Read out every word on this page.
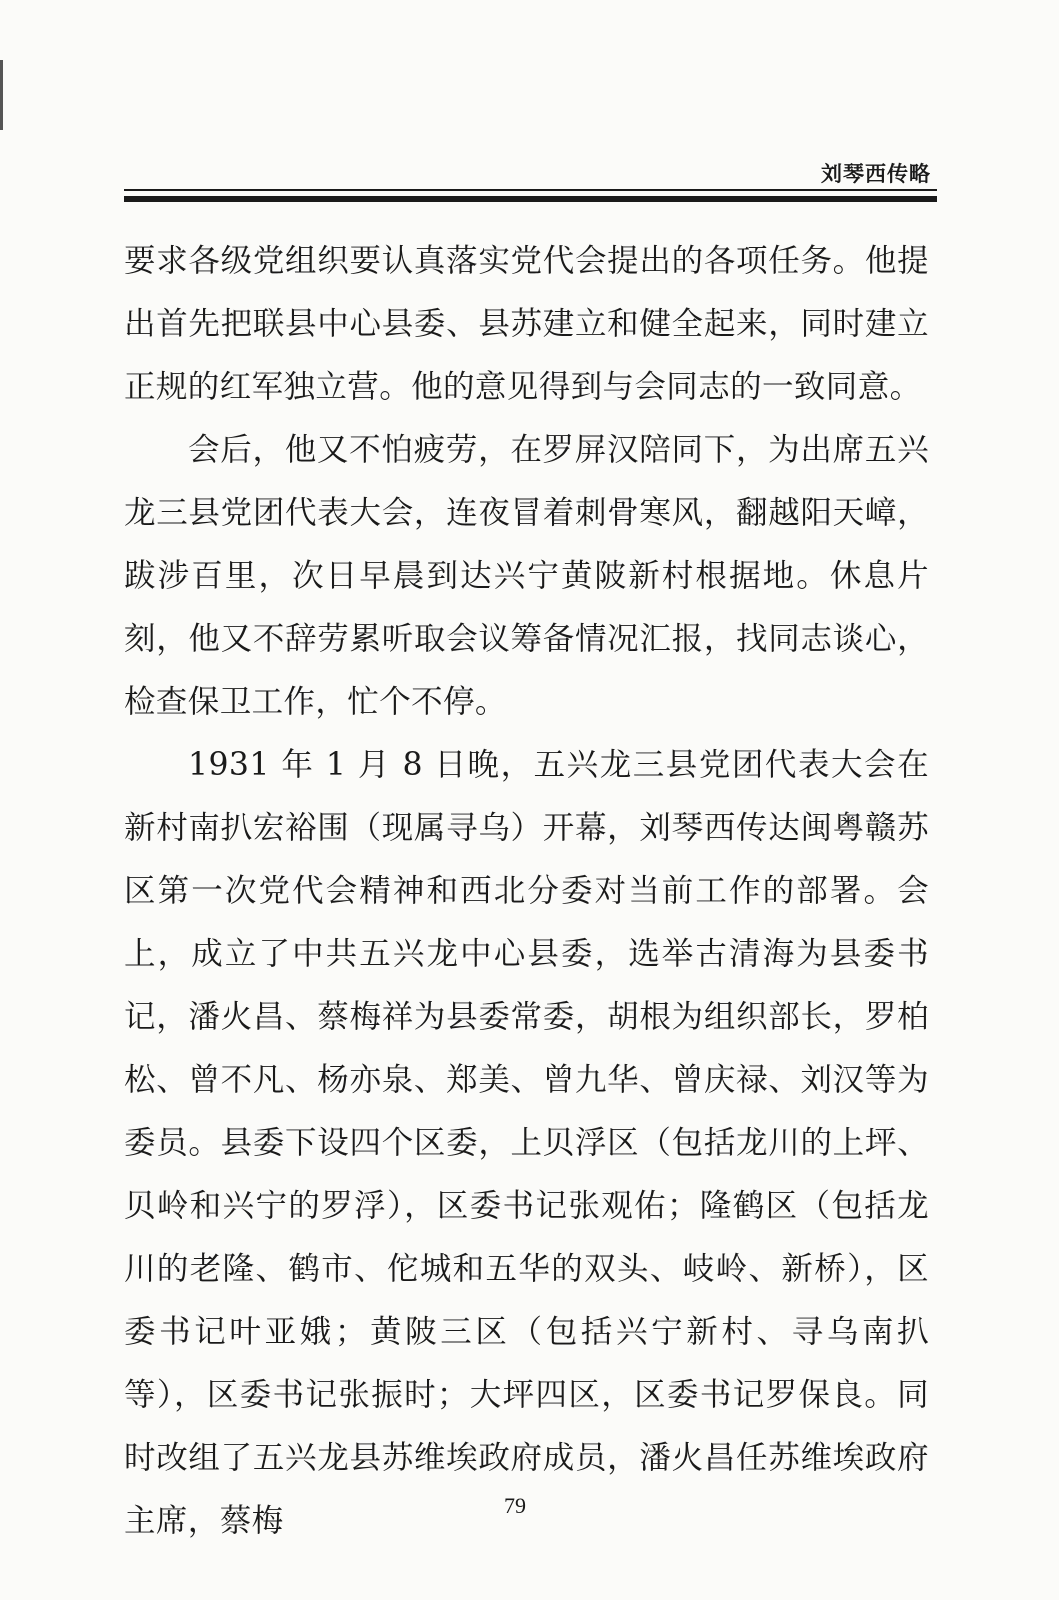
刘琴西传略

要求各级党组织要认真落实党代会提出的各项任务。他提出首先把联县中心县委、县苏建立和健全起来，同时建立正规的红军独立营。他的意见得到与会同志的一致同意。

会后，他又不怕疲劳，在罗屏汉陪同下，为出席五兴龙三县党团代表大会，连夜冒着刺骨寒风，翻越阳天嶂，跋涉百里，次日早晨到达兴宁黄陂新村根据地。休息片刻，他又不辞劳累听取会议筹备情况汇报，找同志谈心，检查保卫工作，忙个不停。

1931 年 1 月 8 日晚，五兴龙三县党团代表大会在新村南扒宏裕围（现属寻乌）开幕，刘琴西传达闽粤赣苏区第一次党代会精神和西北分委对当前工作的部署。会上，成立了中共五兴龙中心县委，选举古清海为县委书记，潘火昌、蔡梅祥为县委常委，胡根为组织部长，罗柏松、曾不凡、杨亦泉、郑美、曾九华、曾庆禄、刘汉等为委员。县委下设四个区委，上贝浮区（包括龙川的上坪、贝岭和兴宁的罗浮），区委书记张观佑；隆鹤区（包括龙川的老隆、鹤市、佗城和五华的双头、岐岭、新桥），区委书记叶亚娥；黄陂三区（包括兴宁新村、寻乌南扒等），区委书记张振时；大坪四区，区委书记罗保良。同时改组了五兴龙县苏维埃政府成员，潘火昌任苏维埃政府主席，蔡梅	79
